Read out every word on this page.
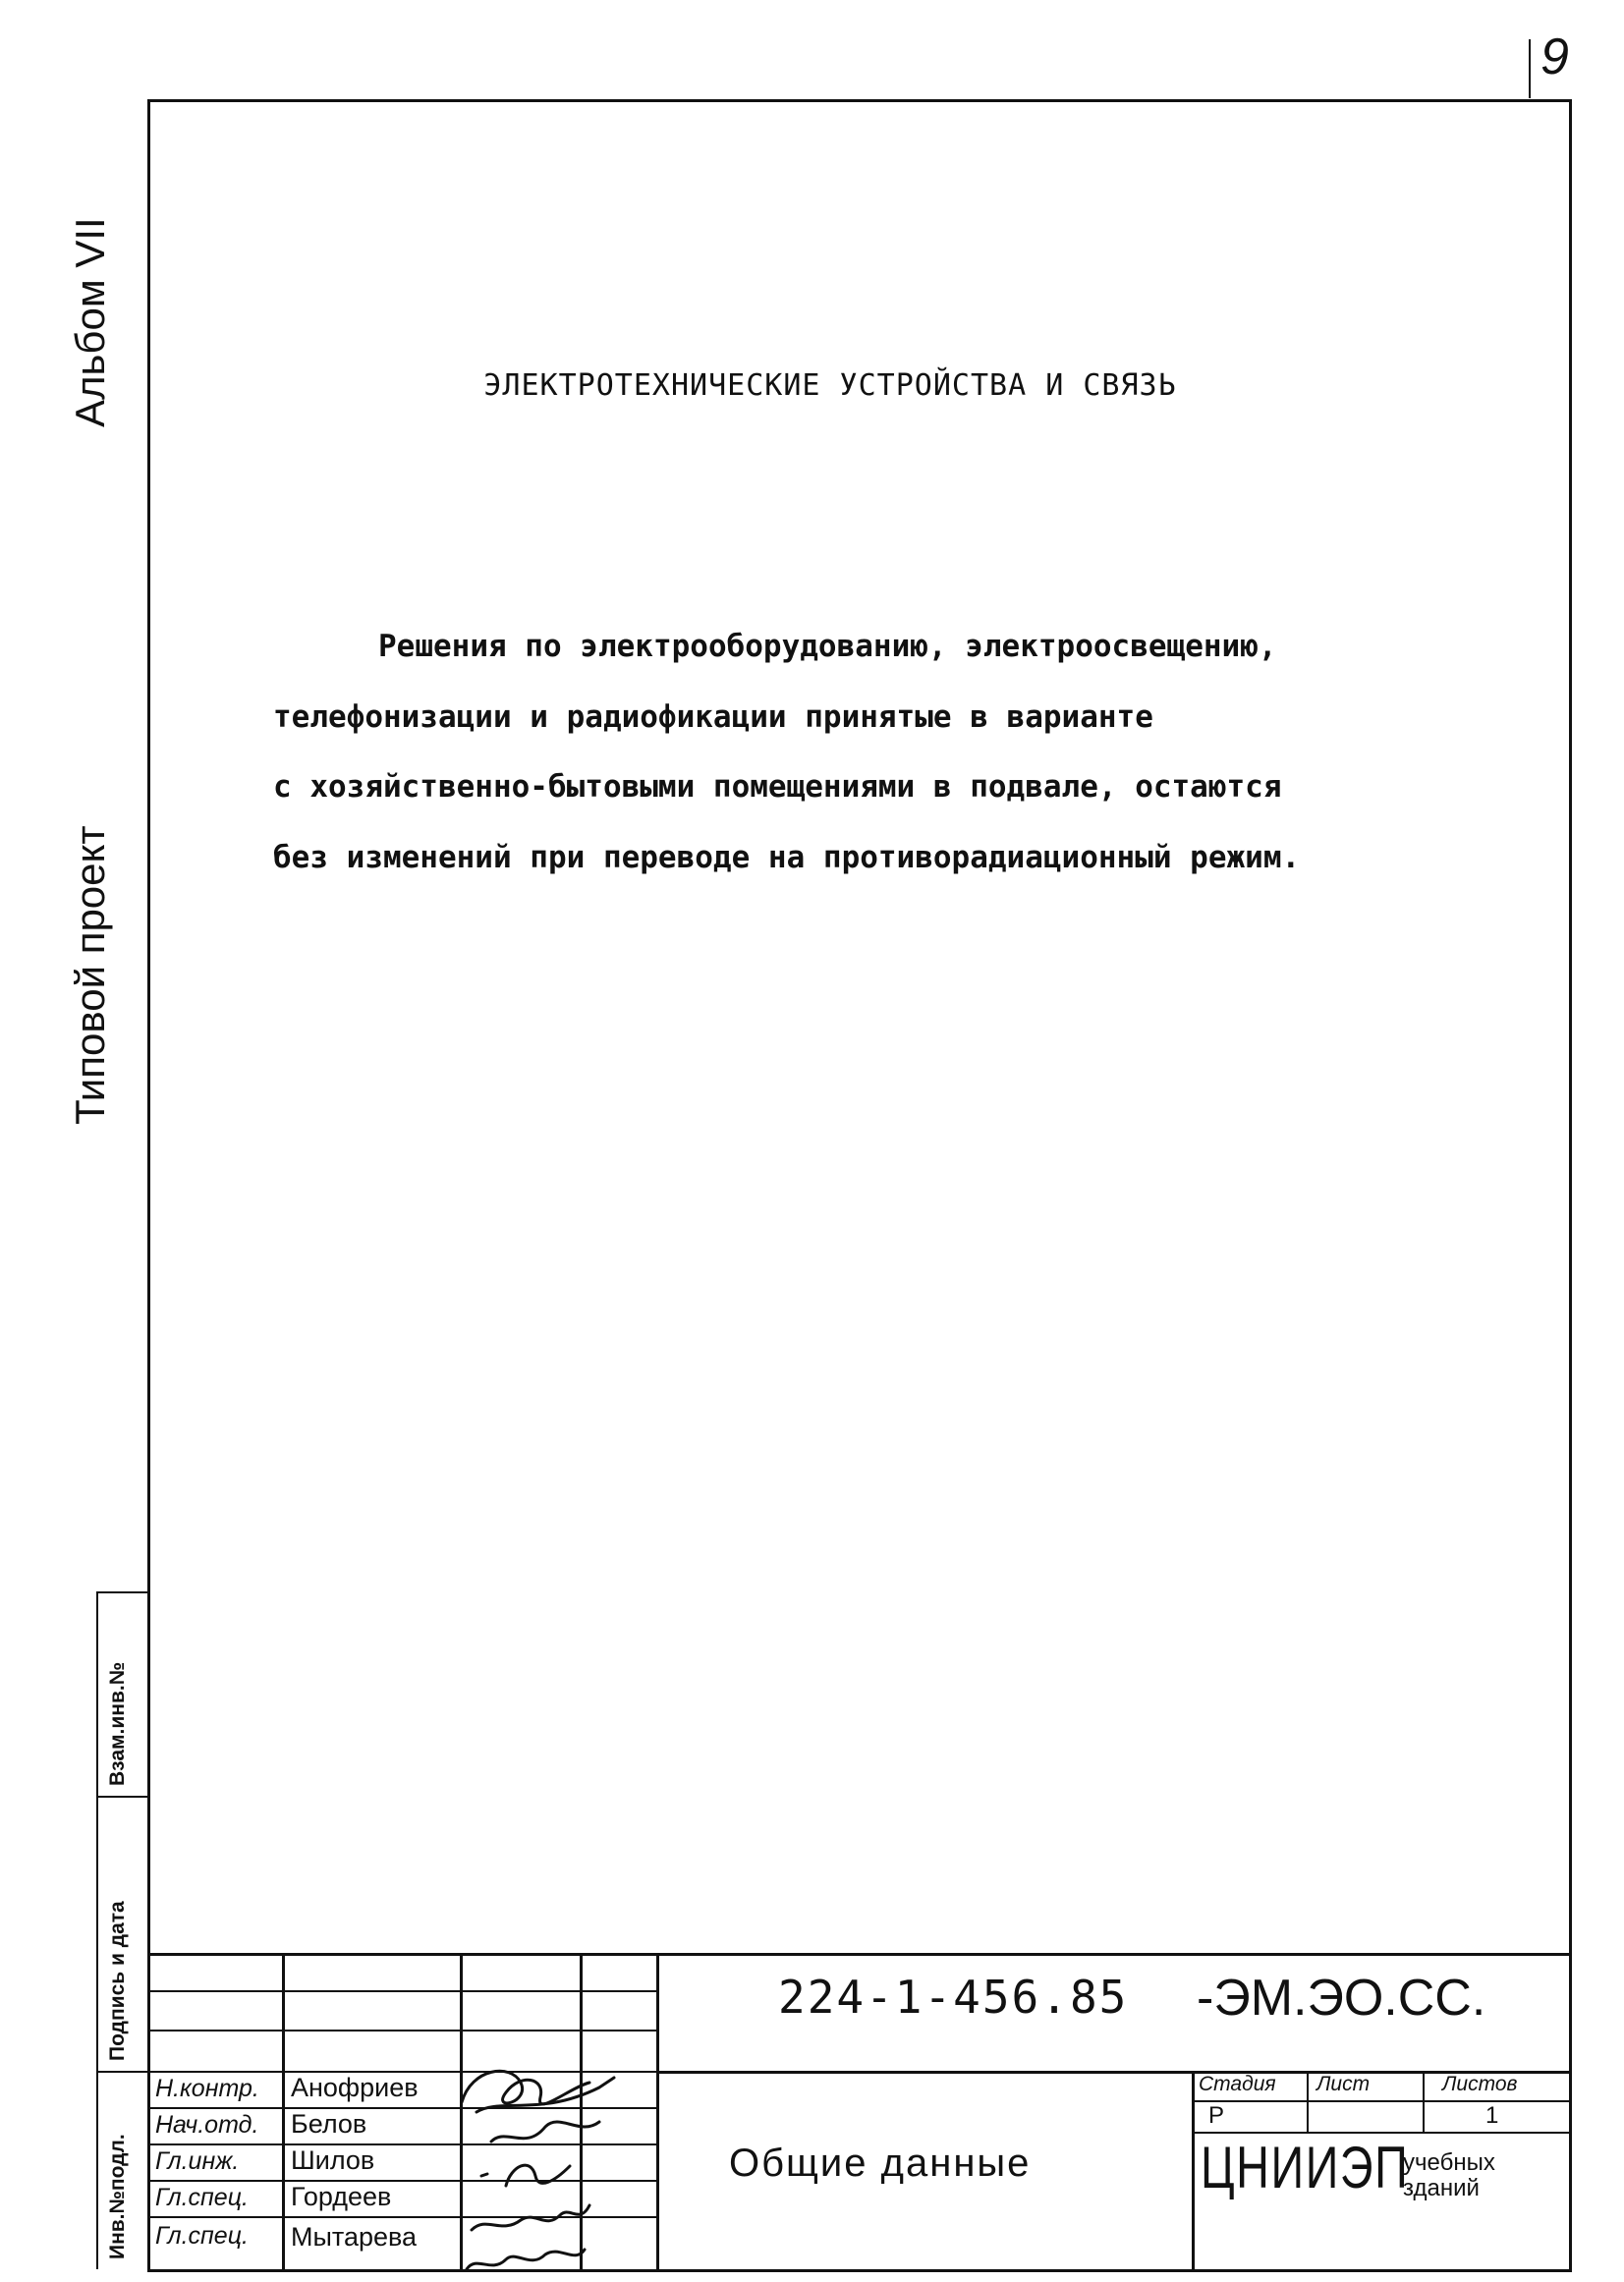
9
Альбом VII
Типовой проект
Взам.инв.№
Подпись и дата
Инв.№подл.
ЭЛЕКТРОТЕХНИЧЕСКИЕ УСТРОЙСТВА И СВЯЗЬ
Решения по электрооборудованию, электроосвещению,
телефонизации и радиофикации принятые в варианте
с хозяйственно-бытовыми помещениями в подвале, остаются
без изменений при переводе на противорадиационный режим.
Н.контр. Анофриев
Нач.отд. Белов
Гл.инж. Шилов
Гл.спец. Гордеев
Гл.спец. Мытарева
224-1-456.85 -ЭМ.ЭО.СС.
Общие данные
Стадия Лист	Листов
Р	1
ЦНИИЭП
учебных
зданий
